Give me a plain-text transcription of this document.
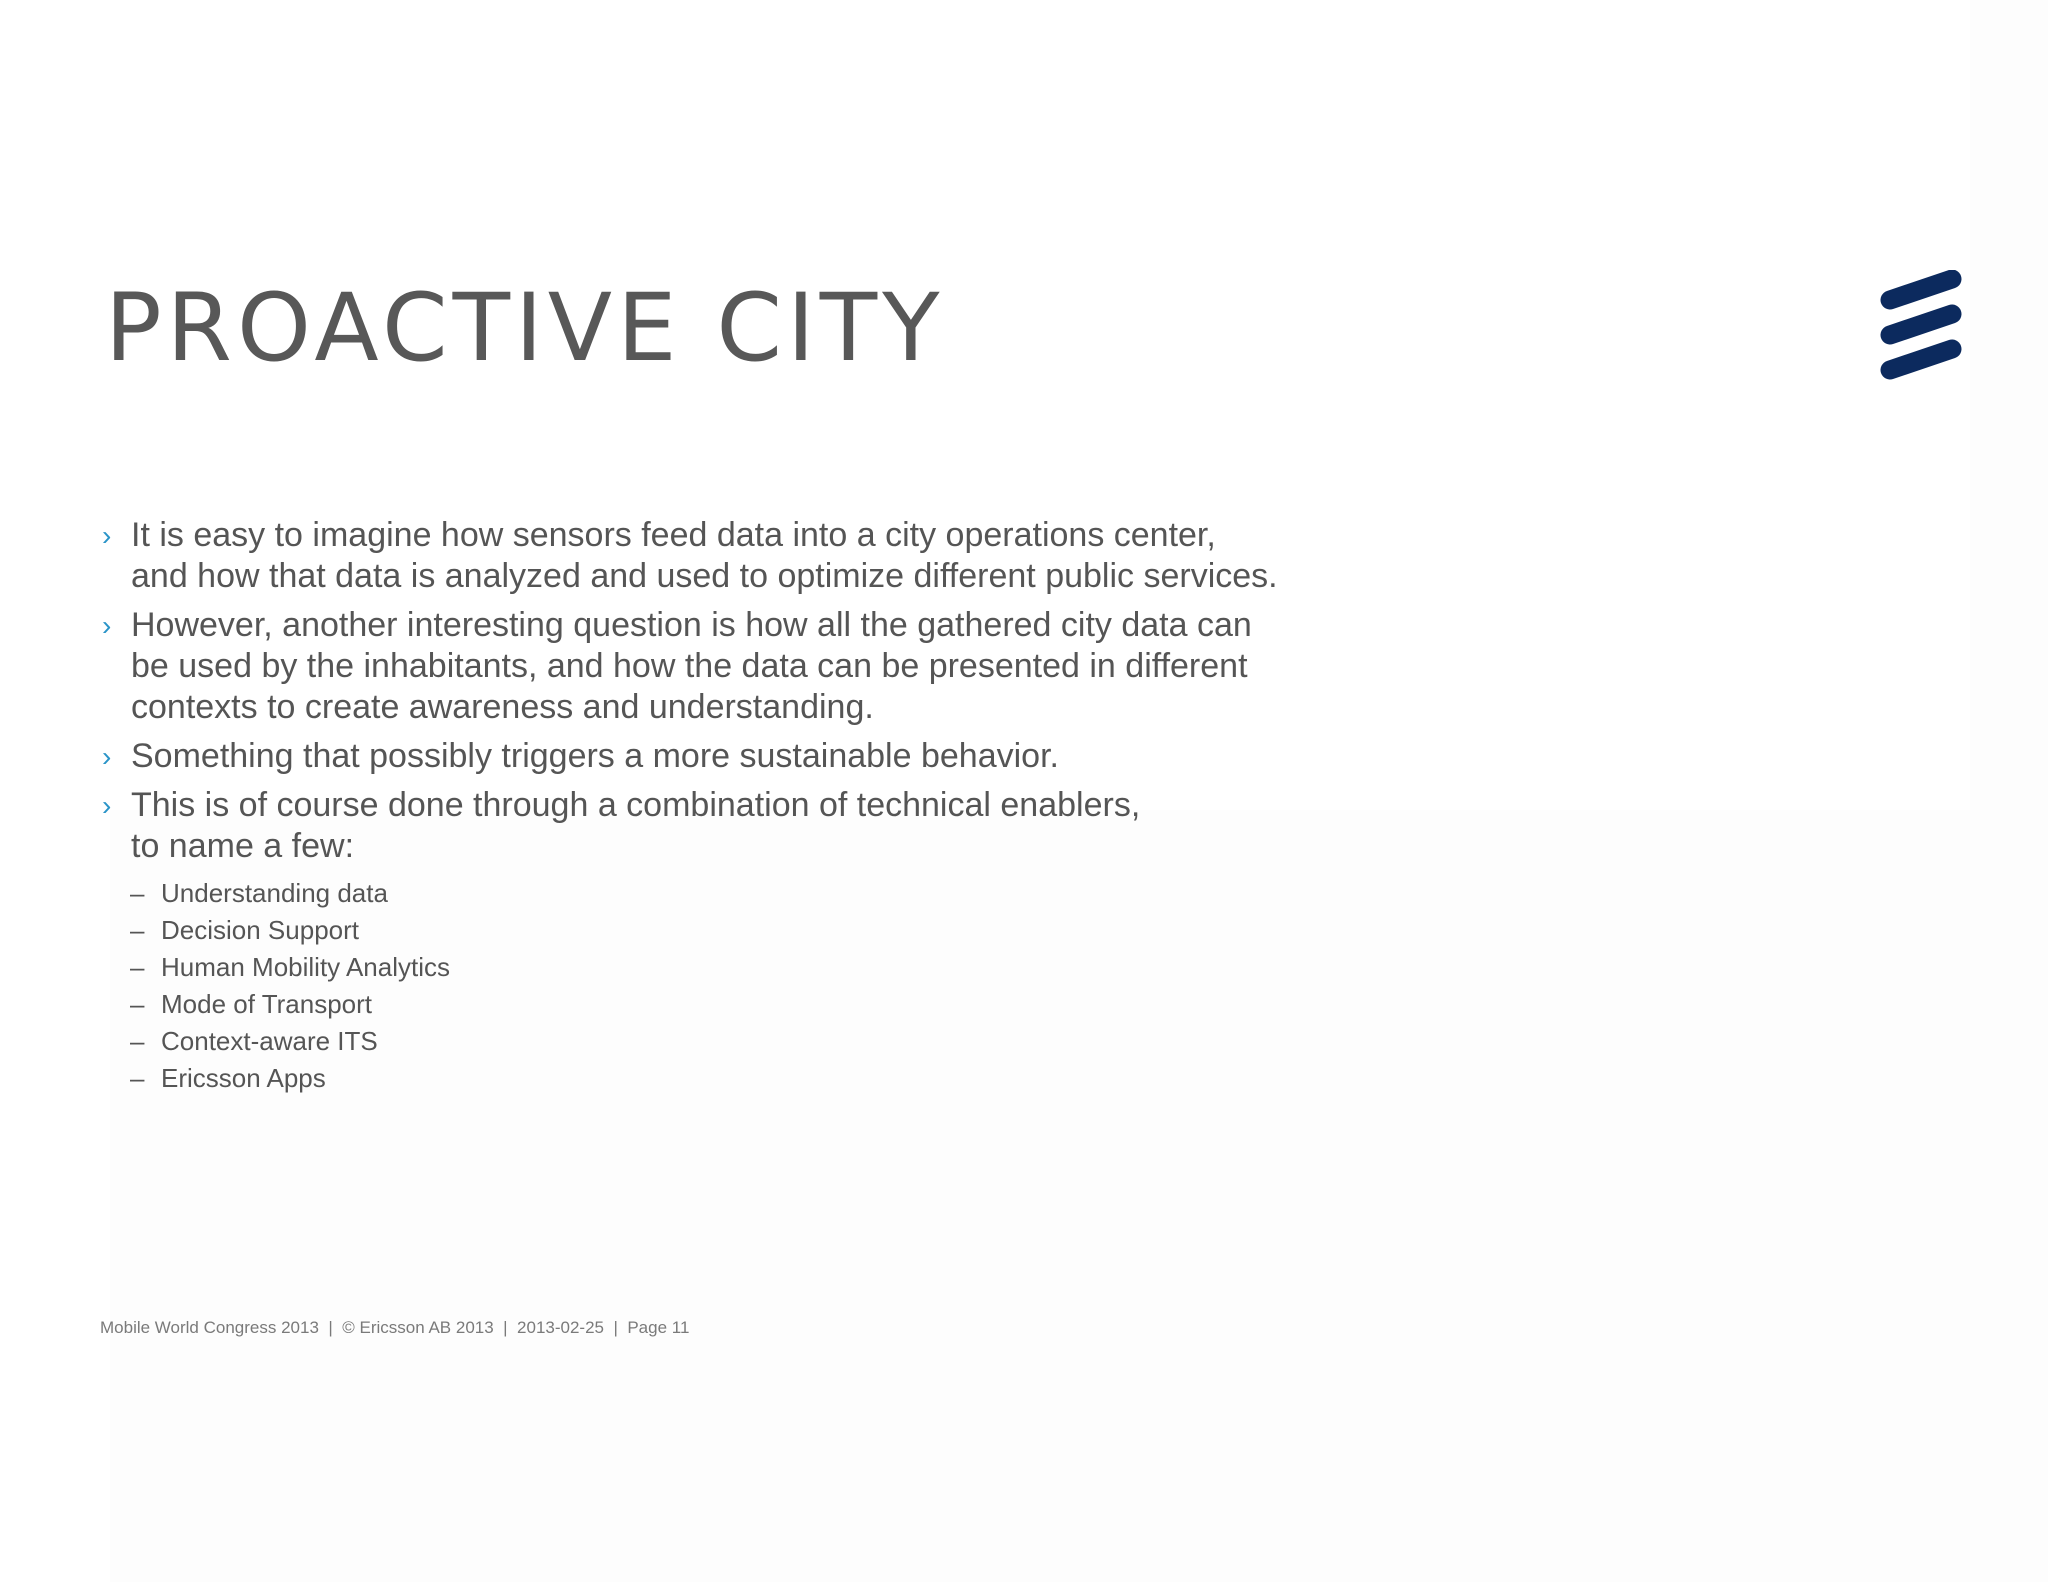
PROACTIVE CITY
› It is easy to imagine how sensors feed data into a city operations center,
and how that data is analyzed and used to optimize different public services.
› However, another interesting question is how all the gathered city data can
be used by the inhabitants, and how the data can be presented in different
contexts to create awareness and understanding.
› Something that possibly triggers a more sustainable behavior.
› This is of course done through a combination of technical enablers,
to name a few:
– Understanding data
– Decision Support
– Human Mobility Analytics
– Mode of Transport
– Context-aware ITS
– Ericsson Apps
Mobile World Congress 2013 | © Ericsson AB 2013 | 2013-02-25 | Page 11
